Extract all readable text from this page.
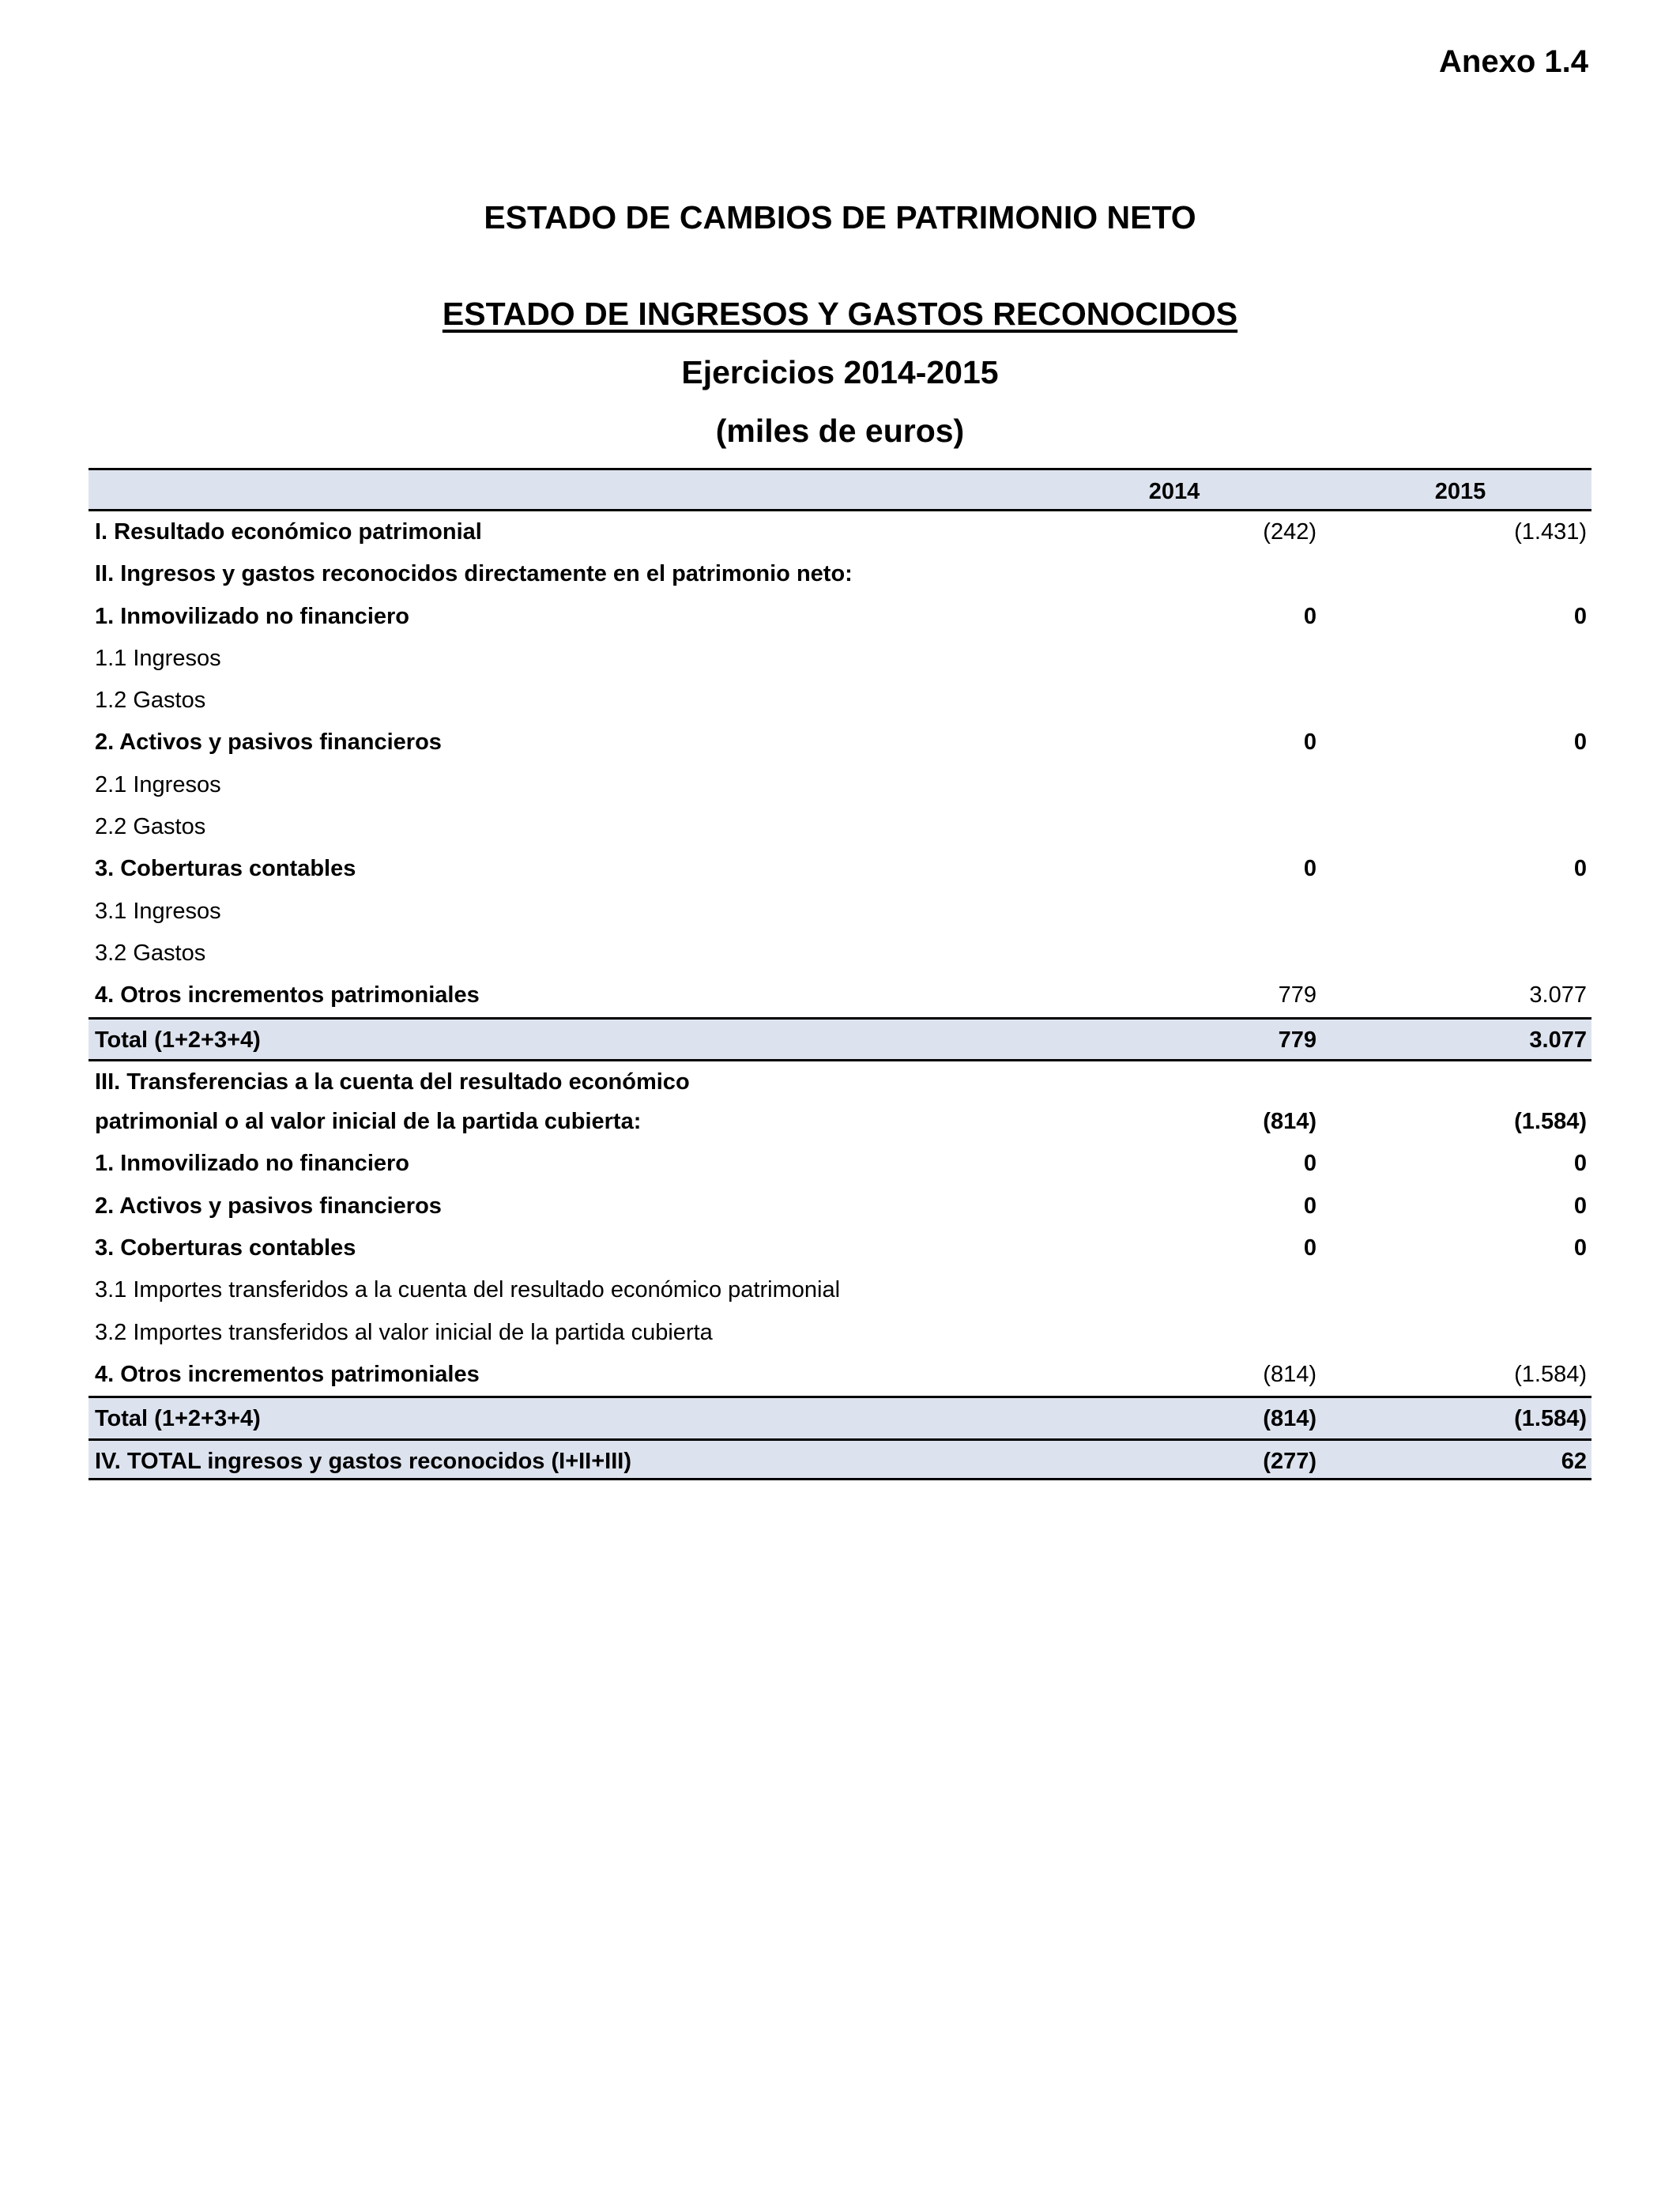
Anexo 1.4
ESTADO DE CAMBIOS DE PATRIMONIO NETO
ESTADO DE INGRESOS Y GASTOS RECONOCIDOS
Ejercicios 2014-2015
(miles de euros)
2014	2015
I. Resultado económico patrimonial	(242)	(1.431)
II. Ingresos y gastos reconocidos directamente en el patrimonio neto:
1. Inmovilizado no financiero	0	0
1.1 Ingresos
1.2 Gastos
2. Activos y pasivos financieros	0	0
2.1 Ingresos
2.2 Gastos
3. Coberturas contables	0	0
3.1 Ingresos
3.2 Gastos
4. Otros incrementos patrimoniales	779	3.077
Total (1+2+3+4)	779	3.077
III. Transferencias a la cuenta del resultado económico
patrimonial o al valor inicial de la partida cubierta:	(814)	(1.584)
1. Inmovilizado no financiero	0	0
2. Activos y pasivos financieros	0	0
3. Coberturas contables	0	0
3.1 Importes transferidos a la cuenta del resultado económico patrimonial
3.2 Importes transferidos al valor inicial de la partida cubierta
4. Otros incrementos patrimoniales	(814)	(1.584)
Total (1+2+3+4)	(814)	(1.584)
IV. TOTAL ingresos y gastos reconocidos (I+II+III)	(277)	62
